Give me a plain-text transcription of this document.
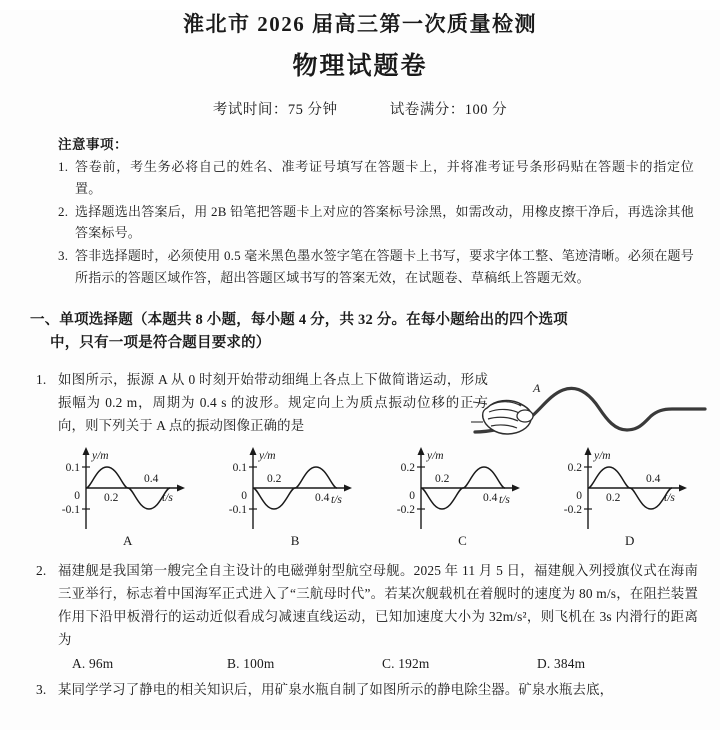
淮北市 2026 届高三第一次质量检测
物理试题卷
考试时间：75 分钟	试卷满分：100 分
注意事项：
1. 答卷前，考生务必将自己的姓名、准考证号填写在答题卡上，并将准考证号条形码贴在答题卡的指定位置。
2. 选择题选出答案后，用 2B 铅笔把答题卡上对应的答案标号涂黑，如需改动，用橡皮擦干净后，再选涂其他答案标号。
3. 答非选择题时，必须使用 0.5 毫米黑色墨水签字笔在答题卡上书写，要求字体工整、笔迹清晰。必须在题号所指示的答题区域作答，超出答题区域书写的答案无效，在试题卷、草稿纸上答题无效。
一、单项选择题（本题共 8 小题，每小题 4 分，共 32 分。在每小题给出的四个选项
中，只有一项是符合题目要求的）
1. 如图所示，振源 A 从 0 时刻开始带动细绳上各点上下做简谐运动，形成振幅为 0.2 m，周期为 0.4 s 的波形。规定向上为质点振动位移的正方向，则下列关于 A 点的振动图像正确的是
A
0.1
0
-0.1
0.2
0.4
y/m
t/s
A
0.1
0
-0.1
0.2
0.4
y/m
t/s
B
0.2
0
-0.2
0.2
0.4
y/m
t/s
C
0.2
0
-0.2
0.2
0.4
y/m
t/s
D
2. 福建舰是我国第一艘完全自主设计的电磁弹射型航空母舰。2025 年 11 月 5 日，福建舰入列授旗仪式在海南三亚举行，标志着中国海军正式进入了“三航母时代”。若某次舰载机在着舰时的速度为 80 m/s，在阻拦装置作用下沿甲板滑行的运动近似看成匀减速直线运动，已知加速度大小为 32m/s²，则飞机在 3s 内滑行的距离为
A. 96m	B. 100m	C. 192m	D. 384m
3. 某同学学习了静电的相关知识后，用矿泉水瓶自制了如图所示的静电除尘器。矿泉水瓶去底，
